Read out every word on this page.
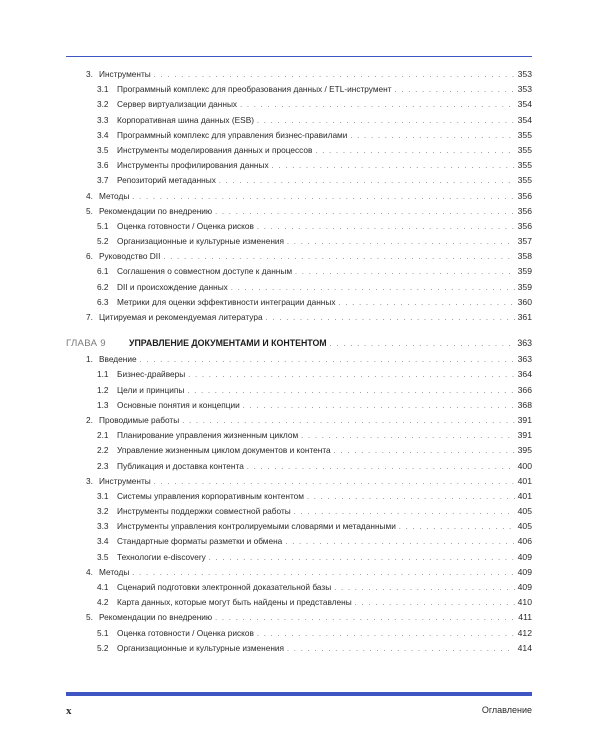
3. Инструменты . . .	353
3.1	Программный комплекс для преобразования данных / ETL-инструмент . . .	353
3.2	Сервер виртуализации данных . . .	354
3.3	Корпоративная шина данных (ESB) . . .	354
3.4	Программный комплекс для управления бизнес-правилами . . .	355
3.5	Инструменты моделирования данных и процессов . . .	355
3.6	Инструменты профилирования данных . . .	355
3.7	Репозиторий метаданных . . .	355
4. Методы . . .	356
5. Рекомендации по внедрению . . .	356
5.1	Оценка готовности / Оценка рисков . . .	356
5.2	Организационные и культурные изменения . . .	357
6. Руководство DII . . .	358
6.1	Соглашения о совместном доступе к данным . . .	359
6.2	DII и происхождение данных . . .	359
6.3	Метрики для оценки эффективности интеграции данных . . .	360
7. Цитируемая и рекомендуемая литература . . .	361
ГЛАВА 9	УПРАВЛЕНИЕ ДОКУМЕНТАМИ И КОНТЕНТОМ . . .	363
1. Введение . . .	363
1.1	Бизнес-драйверы . . .	364
1.2	Цели и принципы . . .	366
1.3	Основные понятия и концепции . . .	368
2. Проводимые работы . . .	391
2.1	Планирование управления жизненным циклом . . .	391
2.2	Управление жизненным циклом документов и контента . . .	395
2.3	Публикация и доставка контента . . .	400
3. Инструменты . . .	401
3.1	Системы управления корпоративным контентом . . .	401
3.2	Инструменты поддержки совместной работы . . .	405
3.3	Инструменты управления контролируемыми словарями и метаданными . . .	405
3.4	Стандартные форматы разметки и обмена . . .	406
3.5	Технологии e-discovery . . .	409
4. Методы . . .	409
4.1	Сценарий подготовки электронной доказательной базы . . .	409
4.2	Карта данных, которые могут быть найдены и представлены . . .	410
5. Рекомендации по внедрению . . .	411
5.1	Оценка готовности / Оценка рисков . . .	412
5.2	Организационные и культурные изменения . . .	414
x	Оглавление
